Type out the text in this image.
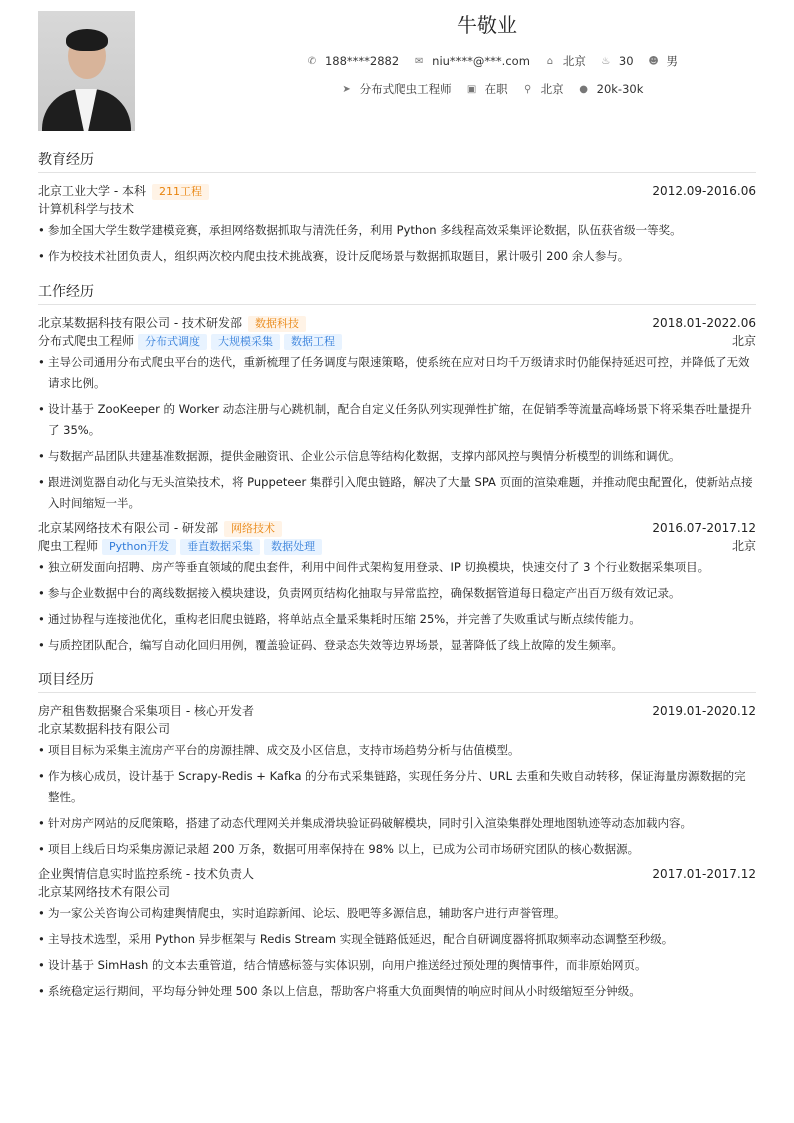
牛敬业
✆ 188****2882 ✉ niu****@***.com ⌂ 北京 ♨ 30 ☻ 男
➤ 分布式爬虫工程师 ▣ 在职 ⚲ 北京 ● 20k-30k
教育经历
北京工业大学 - 本科 211工程	2012.09-2016.06
计算机科学与技术
• 参加全国大学生数学建模竞赛，承担网络数据抓取与清洗任务，利用 Python 多线程高效采集评论数据，队伍获省级一等奖。
• 作为校技术社团负责人，组织两次校内爬虫技术挑战赛，设计反爬场景与数据抓取题目，累计吸引 200 余人参与。
工作经历
北京某数据科技有限公司 - 技术研发部 数据科技	2018.01-2022.06
分布式爬虫工程师 分布式调度 大规模采集 数据工程	北京
• 主导公司通用分布式爬虫平台的迭代，重新梳理了任务调度与限速策略，使系统在应对日均千万级请求时仍能保持延迟可控，并降低了无效请求比例。
• 设计基于 ZooKeeper 的 Worker 动态注册与心跳机制，配合自定义任务队列实现弹性扩缩，在促销季等流量高峰场景下将采集吞吐量提升了 35%。
• 与数据产品团队共建基准数据源，提供金融资讯、企业公示信息等结构化数据，支撑内部风控与舆情分析模型的训练和调优。
• 跟进浏览器自动化与无头渲染技术，将 Puppeteer 集群引入爬虫链路，解决了大量 SPA 页面的渲染难题，并推动爬虫配置化，使新站点接入时间缩短一半。
北京某网络技术有限公司 - 研发部 网络技术	2016.07-2017.12
爬虫工程师 Python开发 垂直数据采集 数据处理	北京
• 独立研发面向招聘、房产等垂直领域的爬虫套件，利用中间件式架构复用登录、IP 切换模块，快速交付了 3 个行业数据采集项目。
• 参与企业数据中台的离线数据接入模块建设，负责网页结构化抽取与异常监控，确保数据管道每日稳定产出百万级有效记录。
• 通过协程与连接池优化，重构老旧爬虫链路，将单站点全量采集耗时压缩 25%，并完善了失败重试与断点续传能力。
• 与质控团队配合，编写自动化回归用例，覆盖验证码、登录态失效等边界场景，显著降低了线上故障的发生频率。
项目经历
房产租售数据聚合采集项目 - 核心开发者	2019.01-2020.12
北京某数据科技有限公司
• 项目目标为采集主流房产平台的房源挂牌、成交及小区信息，支持市场趋势分析与估值模型。
• 作为核心成员，设计基于 Scrapy-Redis + Kafka 的分布式采集链路，实现任务分片、URL 去重和失败自动转移，保证海量房源数据的完整性。
• 针对房产网站的反爬策略，搭建了动态代理网关并集成滑块验证码破解模块，同时引入渲染集群处理地图轨迹等动态加载内容。
• 项目上线后日均采集房源记录超 200 万条，数据可用率保持在 98% 以上，已成为公司市场研究团队的核心数据源。
企业舆情信息实时监控系统 - 技术负责人	2017.01-2017.12
北京某网络技术有限公司
• 为一家公关咨询公司构建舆情爬虫，实时追踪新闻、论坛、股吧等多源信息，辅助客户进行声誉管理。
• 主导技术选型，采用 Python 异步框架与 Redis Stream 实现全链路低延迟，配合自研调度器将抓取频率动态调整至秒级。
• 设计基于 SimHash 的文本去重管道，结合情感标签与实体识别，向用户推送经过预处理的舆情事件，而非原始网页。
• 系统稳定运行期间，平均每分钟处理 500 条以上信息，帮助客户将重大负面舆情的响应时间从小时级缩短至分钟级。
